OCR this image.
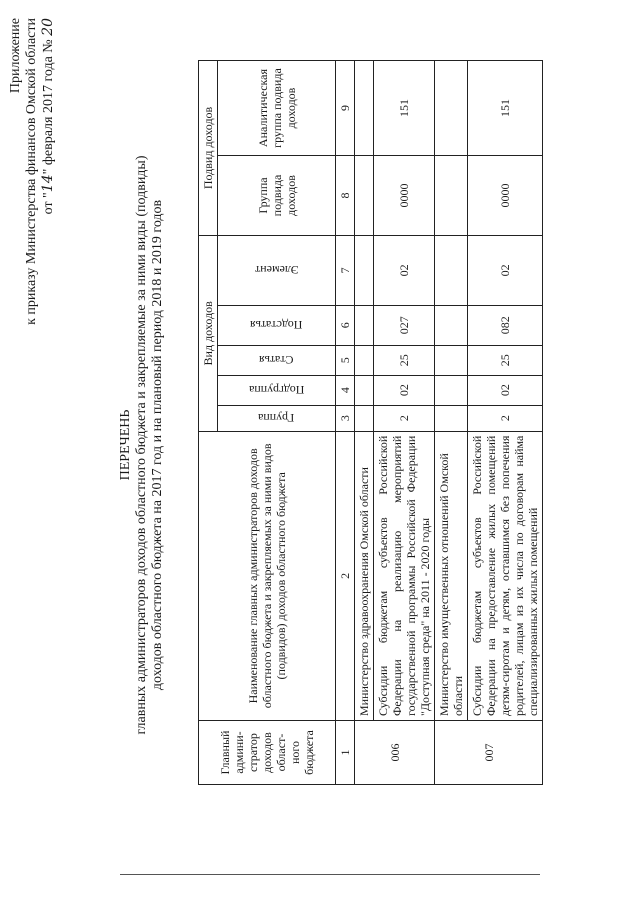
Приложение к приказу Министерства финансов Омской области от "14" февраля 2017 года № 20
ПЕРЕЧЕНЬ главных администраторов доходов областного бюджета и закрепляемые за ними виды (подвиды) доходов областного бюджета на 2017 год и на плановый период 2018 и 2019 годов
Главный админи-стратор доходов област-ного бюджета	Наименование главных администраторов доходов областного бюджета и закрепляемых за ними видов (подвидов) доходов областного бюджета	Вид доходов					Подвид доходов	

		Группа	Подгруппа	Статья	Подстатья	Элемент	Группа подвида доходов	Аналитическая группа подвида доходов
1	2	3	4	5	6	7	8	9
006	Министерство здравоохранения Омской области							
	Субсидии бюджетам субъектов Российской Федерации на реализацию мероприятий государственной программы Российской Федерации "Доступная среда" на 2011 - 2020 годы	2	02	25	027	02	0000	151
007	Министерство имущественных отношений Омской области							
	Субсидии бюджетам субъектов Российской Федерации на предоставление жилых помещений детям-сиротам и детям, оставшимся без попечения родителей, лицам из их числа по договорам найма специализированных жилых помещений	2	02	25	082	02	0000	151
